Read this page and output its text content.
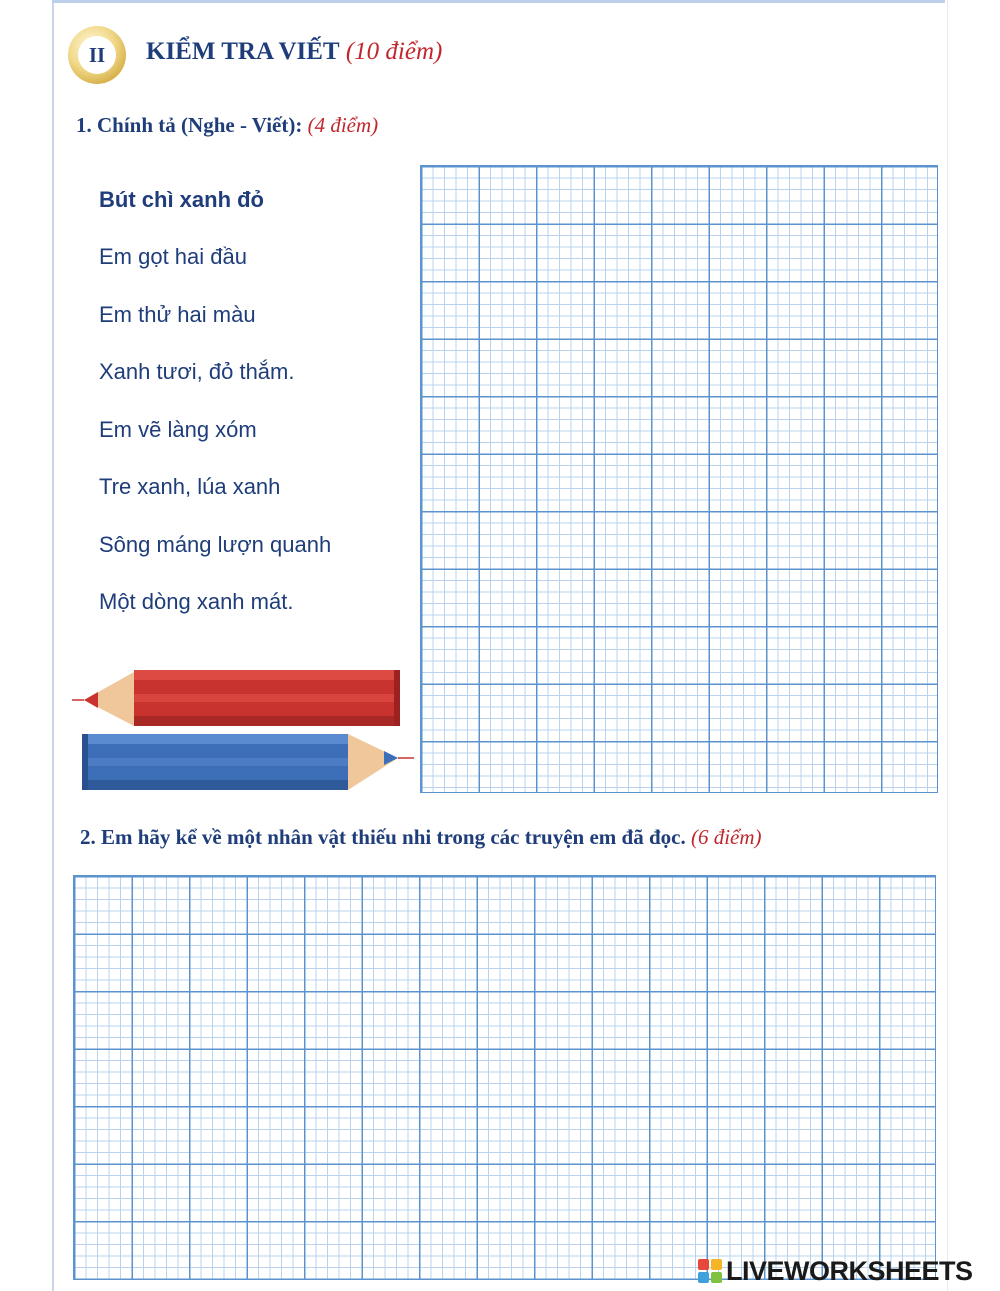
II	KIỂM TRA VIẾT (10 điểm)
1. Chính tả (Nghe - Viết): (4 điểm)
Bút chì xanh đỏ
Em gọt hai đầu
Em thử hai màu
Xanh tươi, đỏ thắm.
Em vẽ làng xóm
Tre xanh, lúa xanh
Sông máng lượn quanh
Một dòng xanh mát.
2. Em hãy kể về một nhân vật thiếu nhi trong các truyện em đã đọc. (6 điểm)
LIVEWORKSHEETS
